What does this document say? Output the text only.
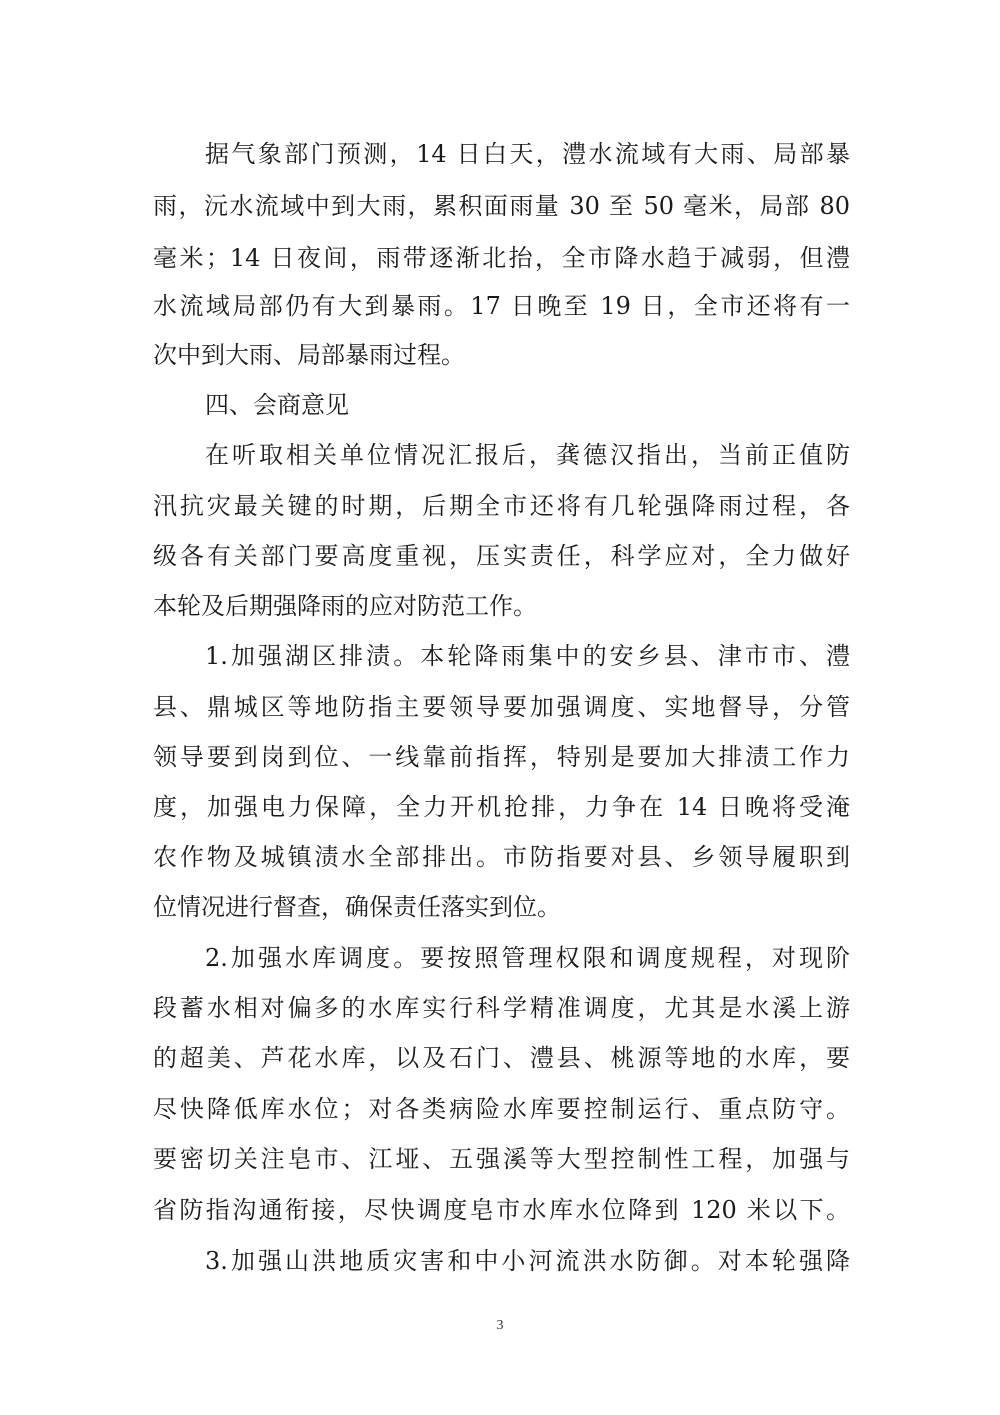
据气象部门预测，14 日白天，澧水流域有大雨、局部暴
雨，沅水流域中到大雨，累积面雨量 30 至 50 毫米，局部 80
毫米；14 日夜间，雨带逐渐北抬，全市降水趋于减弱，但澧
水流域局部仍有大到暴雨。17 日晚至 19 日，全市还将有一
次中到大雨、局部暴雨过程。
四、会商意见
在听取相关单位情况汇报后，龚德汉指出，当前正值防
汛抗灾最关键的时期，后期全市还将有几轮强降雨过程，各
级各有关部门要高度重视，压实责任，科学应对，全力做好
本轮及后期强降雨的应对防范工作。
1.加强湖区排渍。本轮降雨集中的安乡县、津市市、澧
县、鼎城区等地防指主要领导要加强调度、实地督导，分管
领导要到岗到位、一线靠前指挥，特别是要加大排渍工作力
度，加强电力保障，全力开机抢排，力争在 14 日晚将受淹
农作物及城镇渍水全部排出。市防指要对县、乡领导履职到
位情况进行督查，确保责任落实到位。
2.加强水库调度。要按照管理权限和调度规程，对现阶
段蓄水相对偏多的水库实行科学精准调度，尤其是水溪上游
的超美、芦花水库，以及石门、澧县、桃源等地的水库，要
尽快降低库水位；对各类病险水库要控制运行、重点防守。
要密切关注皂市、江垭、五强溪等大型控制性工程，加强与
省防指沟通衔接，尽快调度皂市水库水位降到 120 米以下。
3.加强山洪地质灾害和中小河流洪水防御。对本轮强降
3
